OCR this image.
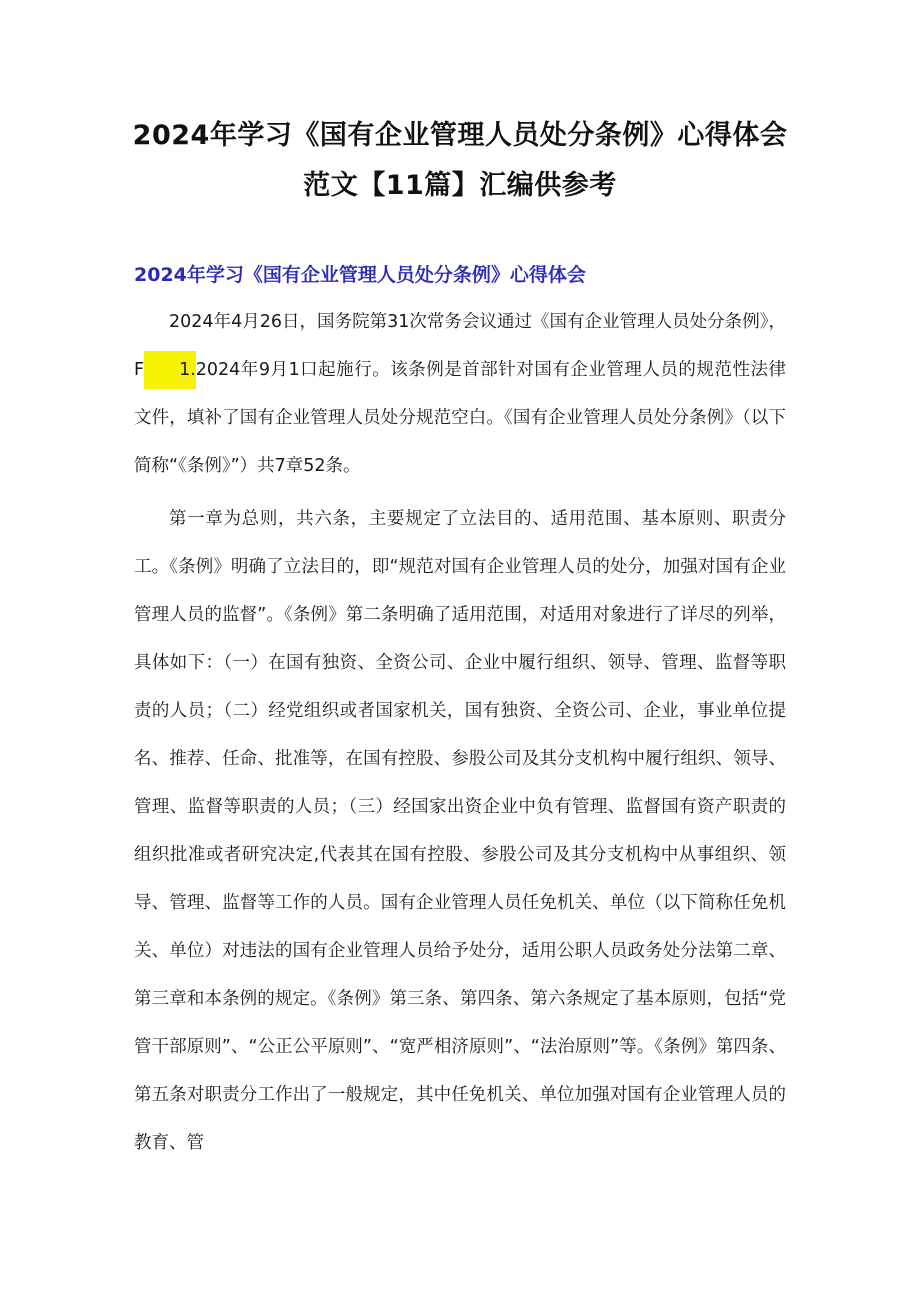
2024年学习《国有企业管理人员处分条例》心得体会
范文【11篇】汇编供参考
2024年学习《国有企业管理人员处分条例》心得体会

2024年4月26日，国务院第31次常务会议通过《国有企业管理人员处分条例》，F 1.2024年9月1口起施行。该条例是首部针对国有企业管理人员的规范性法律文件，填补了国有企业管理人员处分规范空白。《国有企业管理人员处分条例》（以下简称“《条例》”）共7章52条。

第一章为总则，共六条，主要规定了立法目的、适用范围、基本原则、职责分工。《条例》明确了立法目的，即“规范对国有企业管理人员的处分，加强对国有企业管理人员的监督”。《条例》第二条明确了适用范围，对适用对象进行了详尽的列举，具体如下：（一）在国有独资、全资公司、企业中履行组织、领导、管理、监督等职责的人员；（二）经党组织或者国家机关，国有独资、全资公司、企业，事业单位提名、推荐、任命、批准等，在国有控股、参股公司及其分支机构中履行组织、领导、管理、监督等职责的人员；（三）经国家出资企业中负有管理、监督国有资产职责的组织批准或者研究决定,代表其在国有控股、参股公司及其分支机构中从事组织、领导、管理、监督等工作的人员。国有企业管理人员任免机关、单位（以下简称任免机关、单位）对违法的国有企业管理人员给予处分，适用公职人员政务处分法第二章、第三章和本条例的规定。《条例》第三条、第四条、第六条规定了基本原则，包括“党管干部原则”、“公正公平原则”、“宽严相济原则”、“法治原则”等。《条例》第四条、第五条对职责分工作出了一般规定，其中任免机关、单位加强对国有企业管理人员的教育、管
